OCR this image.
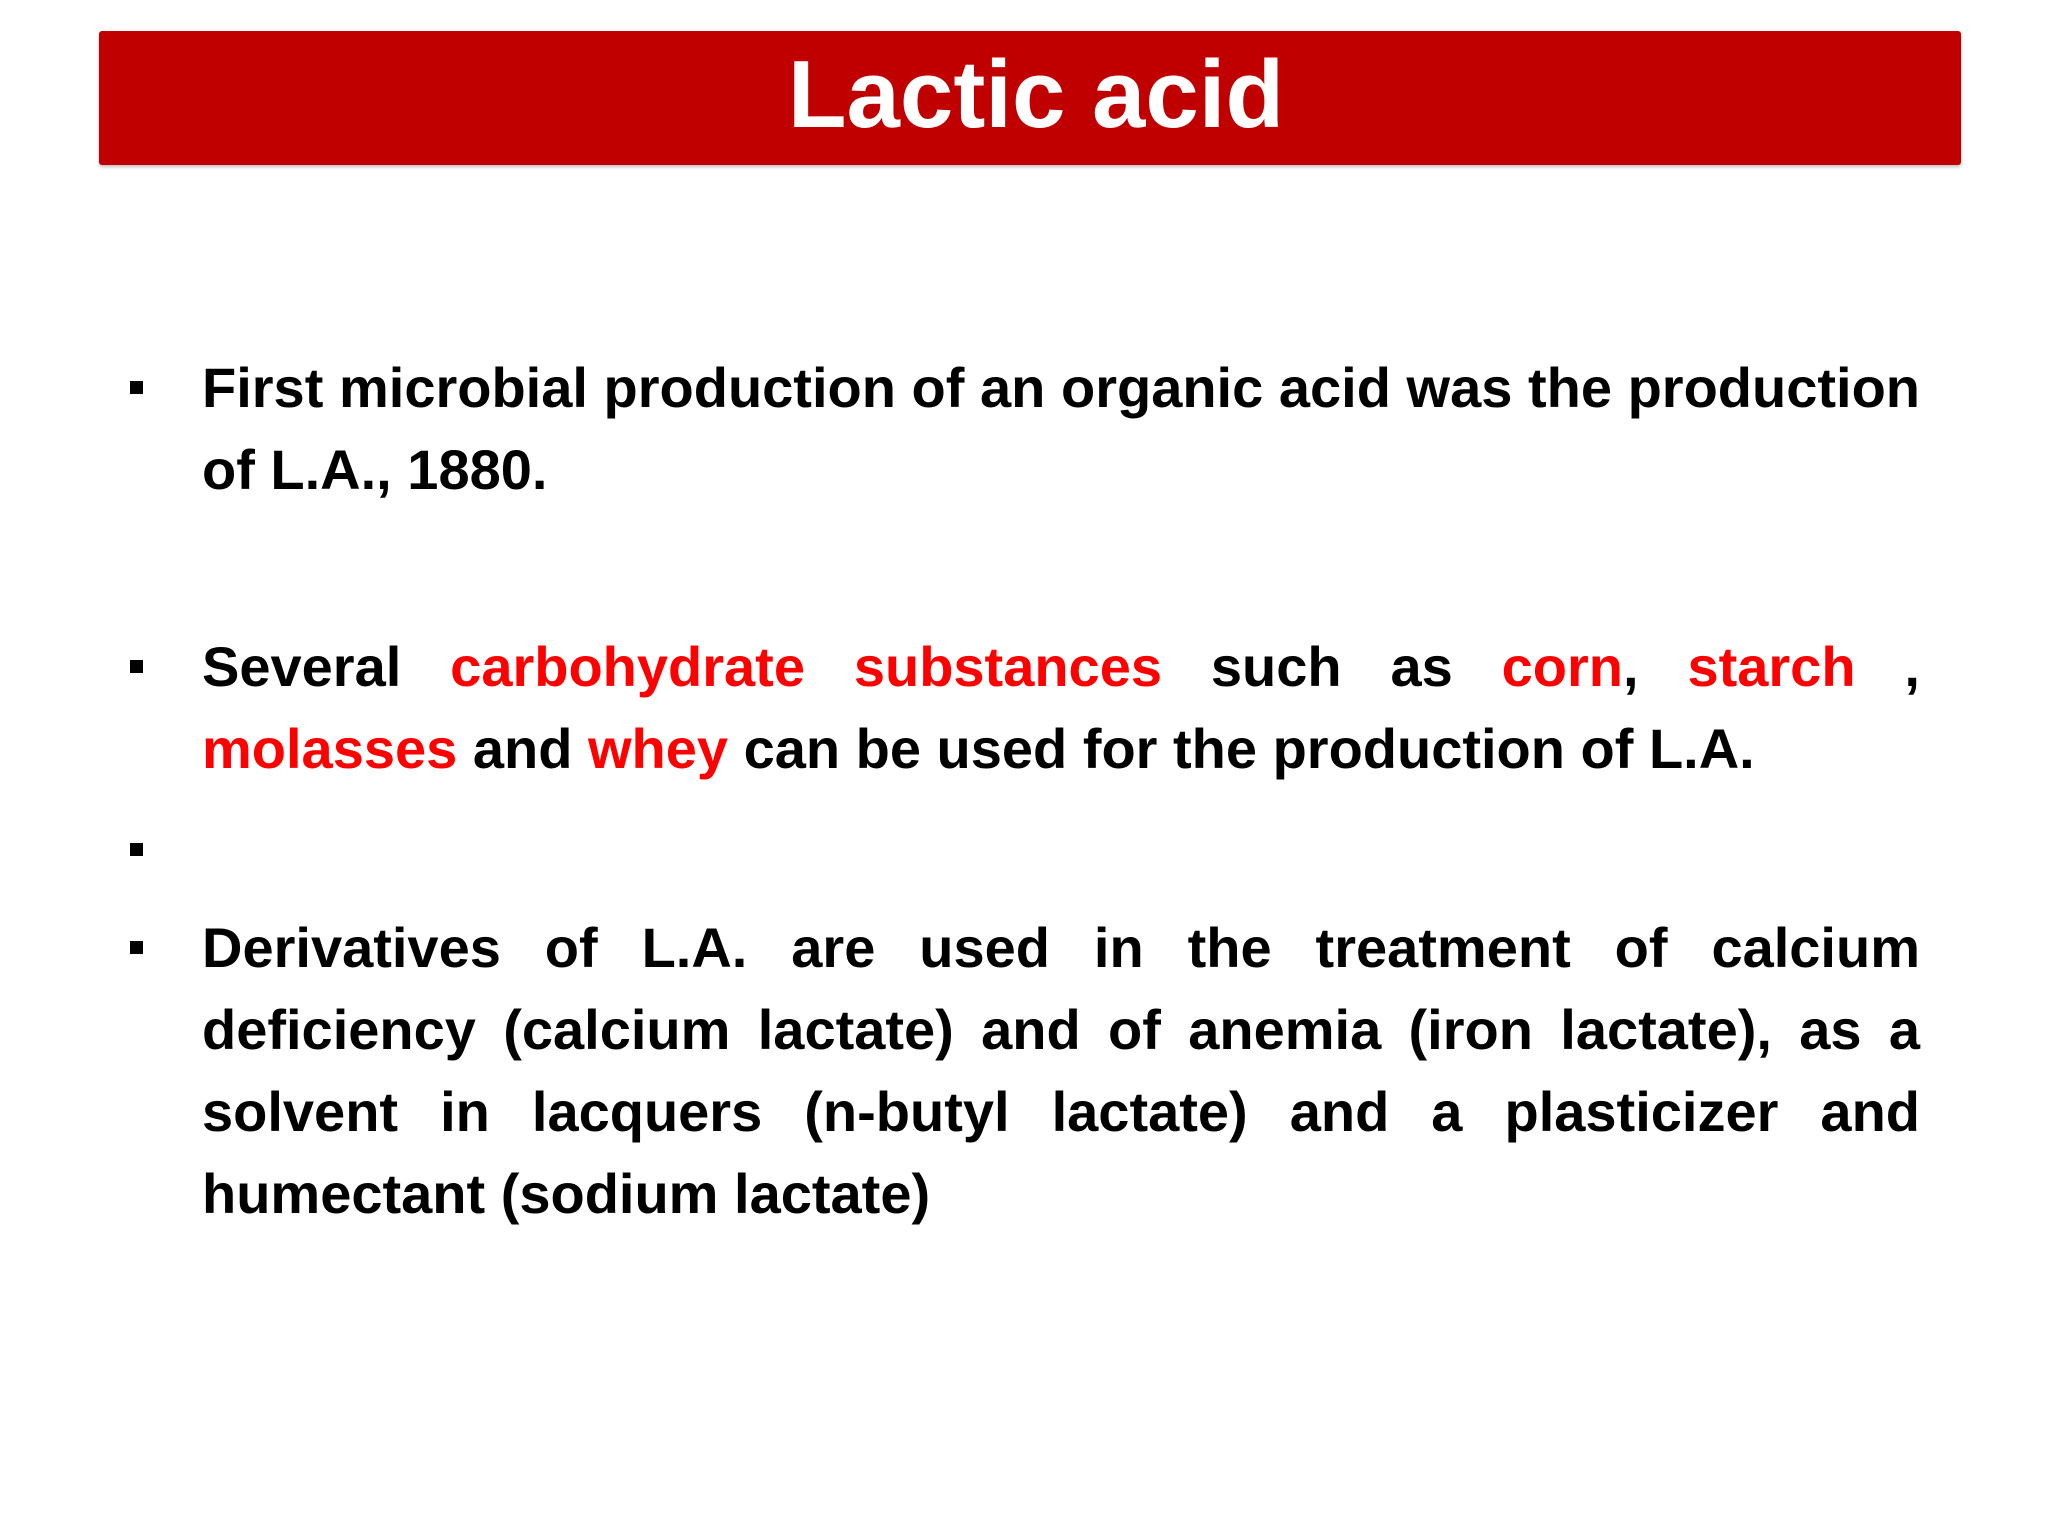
Lactic acid
First microbial production of an organic acid was the production of L.A., 1880.
Several carbohydrate substances such as corn, starch , molasses and whey can be used for the production of L.A.
Derivatives of L.A. are used in the treatment of calcium deficiency (calcium lactate) and of anemia (iron lactate), as a solvent in lacquers (n-butyl lactate) and a plasticizer and humectant (sodium lactate)
